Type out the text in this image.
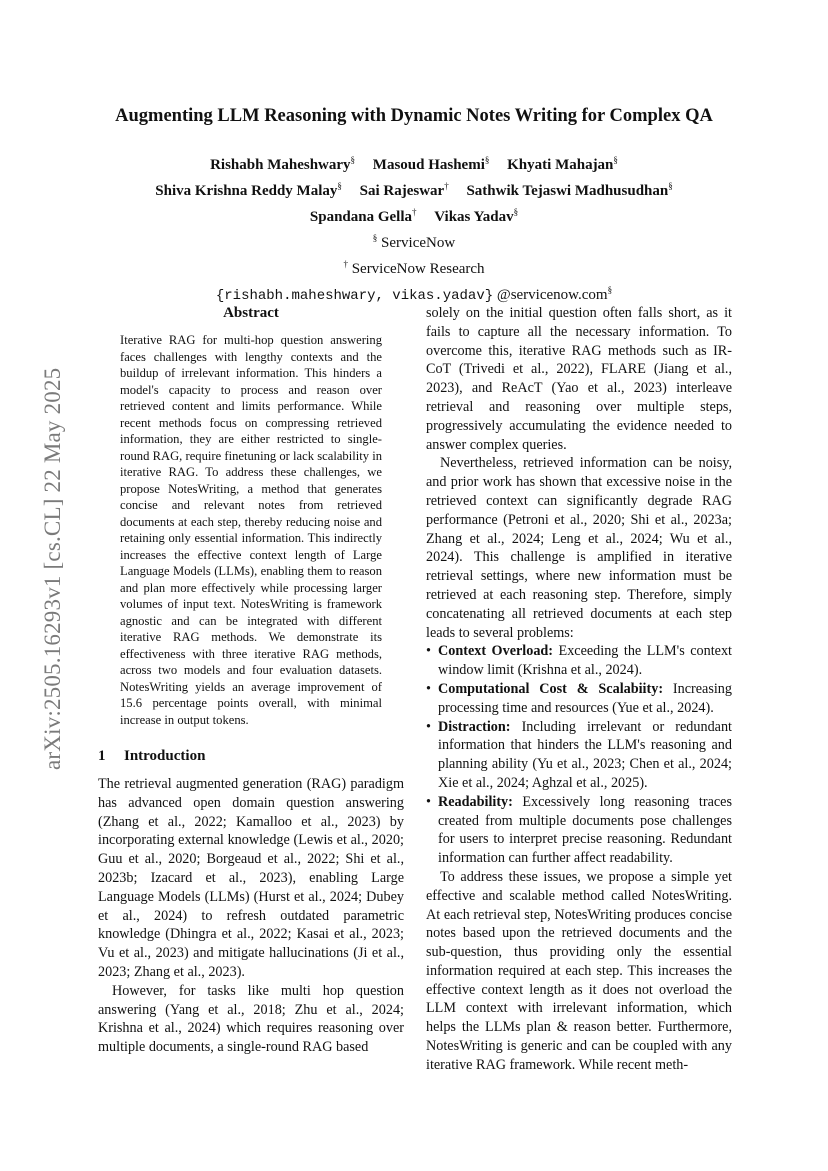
arXiv:2505.16293v1 [cs.CL] 22 May 2025
Augmenting LLM Reasoning with Dynamic Notes Writing for Complex QA
Rishabh Maheshwary§ Masoud Hashemi§ Khyati Mahajan§
Shiva Krishna Reddy Malay§ Sai Rajeswar† Sathwik Tejaswi Madhusudhan§
Spandana Gella† Vikas Yadav§
§ ServiceNow
† ServiceNow Research
{rishabh.maheshwary, vikas.yadav} @servicenow.com§
Abstract
Iterative RAG for multi-hop question answering faces challenges with lengthy contexts and the buildup of irrelevant information. This hinders a model's capacity to process and reason over retrieved content and limits performance. While recent methods focus on compressing retrieved information, they are either restricted to single-round RAG, require finetuning or lack scalability in iterative RAG. To address these challenges, we propose NotesWriting, a method that generates concise and relevant notes from retrieved documents at each step, thereby reducing noise and retaining only essential information. This indirectly increases the effective context length of Large Language Models (LLMs), enabling them to reason and plan more effectively while processing larger volumes of input text. NotesWriting is framework agnostic and can be integrated with different iterative RAG methods. We demonstrate its effectiveness with three iterative RAG methods, across two models and four evaluation datasets. NotesWriting yields an average improvement of 15.6 percentage points overall, with minimal increase in output tokens.
1 Introduction

The retrieval augmented generation (RAG) paradigm has advanced open domain question answering (Zhang et al., 2022; Kamalloo et al., 2023) by incorporating external knowledge (Lewis et al., 2020; Guu et al., 2020; Borgeaud et al., 2022; Shi et al., 2023b; Izacard et al., 2023), enabling Large Language Models (LLMs) (Hurst et al., 2024; Dubey et al., 2024) to refresh outdated parametric knowledge (Dhingra et al., 2022; Kasai et al., 2023; Vu et al., 2023) and mitigate hallucinations (Ji et al., 2023; Zhang et al., 2023).

However, for tasks like multi hop question answering (Yang et al., 2018; Zhu et al., 2024; Krishna et al., 2024) which requires reasoning over multiple documents, a single-round RAG based

solely on the initial question often falls short, as it fails to capture all the necessary information. To overcome this, iterative RAG methods such as IR-CoT (Trivedi et al., 2022), FLARE (Jiang et al., 2023), and ReAcT (Yao et al., 2023) interleave retrieval and reasoning over multiple steps, progressively accumulating the evidence needed to answer complex queries.

Nevertheless, retrieved information can be noisy, and prior work has shown that excessive noise in the retrieved context can significantly degrade RAG performance (Petroni et al., 2020; Shi et al., 2023a; Zhang et al., 2024; Leng et al., 2024; Wu et al., 2024). This challenge is amplified in iterative retrieval settings, where new information must be retrieved at each reasoning step. Therefore, simply concatenating all retrieved documents at each step leads to several problems:

• Context Overload: Exceeding the LLM's context window limit (Krishna et al., 2024).
• Computational Cost & Scalabiity: Increasing processing time and resources (Yue et al., 2024).
• Distraction: Including irrelevant or redundant information that hinders the LLM's reasoning and planning ability (Yu et al., 2023; Chen et al., 2024; Xie et al., 2024; Aghzal et al., 2025).
• Readability: Excessively long reasoning traces created from multiple documents pose challenges for users to interpret precise reasoning. Redundant information can further affect readability.

To address these issues, we propose a simple yet effective and scalable method called NotesWriting. At each retrieval step, NotesWriting produces concise notes based upon the retrieved documents and the sub-question, thus providing only the essential information required at each step. This increases the effective context length as it does not overload the LLM context with irrelevant information, which helps the LLMs plan & reason better. Furthermore, NotesWriting is generic and can be coupled with any iterative RAG framework. While recent meth-
